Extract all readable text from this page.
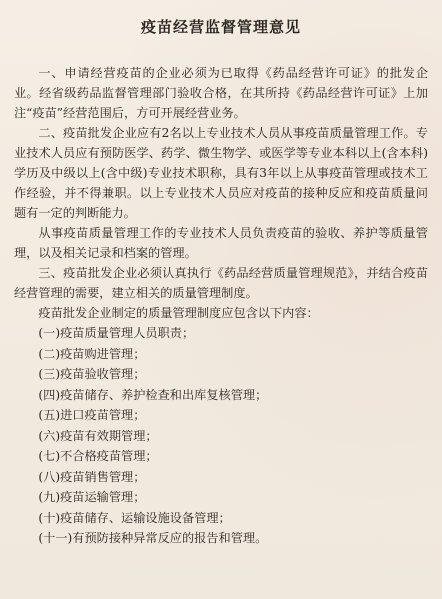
疫苗经营监督管理意见

一、申请经营疫苗的企业必须为已取得《药品经营许可证》的批发企业。经省级药品监督管理部门验收合格，在其所持《药品经营许可证》上加注“疫苗”经营范围后，方可开展经营业务。

二、疫苗批发企业应有2名以上专业技术人员从事疫苗质量管理工作。专业技术人员应有预防医学、药学、微生物学、或医学等专业本科以上(含本科)学历及中级以上(含中级)专业技术职称，具有3年以上从事疫苗管理或技术工作经验，并不得兼职。以上专业技术人员应对疫苗的接种反应和疫苗质量问题有一定的判断能力。

从事疫苗质量管理工作的专业技术人员负责疫苗的验收、养护等质量管理，以及相关记录和档案的管理。

三、疫苗批发企业必须认真执行《药品经营质量管理规范》，并结合疫苗经营管理的需要，建立相关的质量管理制度。

疫苗批发企业制定的质量管理制度应包含以下内容：

(一)疫苗质量管理人员职责；

(二)疫苗购进管理；

(三)疫苗验收管理；

(四)疫苗储存、养护检查和出库复核管理；

(五)进口疫苗管理；

(六)疫苗有效期管理；

(七)不合格疫苗管理；

(八)疫苗销售管理；

(九)疫苗运输管理；

(十)疫苗储存、运输设施设备管理；

(十一)有预防接种异常反应的报告和管理。
